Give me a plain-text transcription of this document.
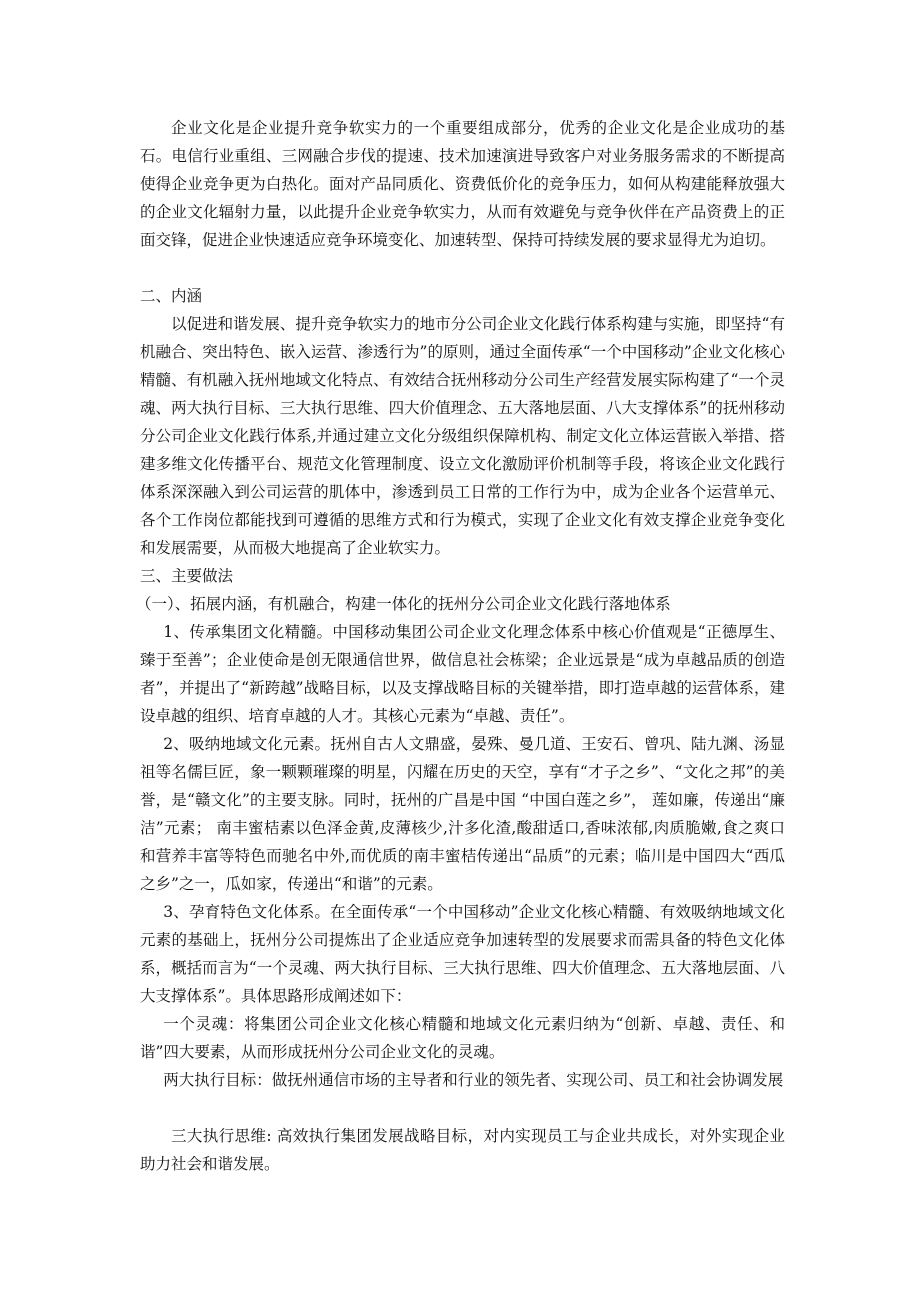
企业文化是企业提升竞争软实力的一个重要组成部分，优秀的企业文化是企业成功的基石。电信行业重组、三网融合步伐的提速、技术加速演进导致客户对业务服务需求的不断提高使得企业竞争更为白热化。面对产品同质化、资费低价化的竞争压力，如何从构建能释放强大的企业文化辐射力量，以此提升企业竞争软实力，从而有效避免与竞争伙伴在产品资费上的正面交锋，促进企业快速适应竞争环境变化、加速转型、保持可持续发展的要求显得尤为迫切。

二、内涵

以促进和谐发展、提升竞争软实力的地市分公司企业文化践行体系构建与实施，即坚持“有机融合、突出特色、嵌入运营、渗透行为”的原则，通过全面传承“一个中国移动”企业文化核心精髓、有机融入抚州地域文化特点、有效结合抚州移动分公司生产经营发展实际构建了“一个灵魂、两大执行目标、三大执行思维、四大价值理念、五大落地层面、八大支撑体系”的抚州移动分公司企业文化践行体系,并通过建立文化分级组织保障机构、制定文化立体运营嵌入举措、搭建多维文化传播平台、规范文化管理制度、设立文化激励评价机制等手段，将该企业文化践行体系深深融入到公司运营的肌体中，渗透到员工日常的工作行为中，成为企业各个运营单元、各个工作岗位都能找到可遵循的思维方式和行为模式，实现了企业文化有效支撑企业竞争变化和发展需要，从而极大地提高了企业软实力。

三、主要做法

（一）、拓展内涵，有机融合，构建一体化的抚州分公司企业文化践行落地体系

1、传承集团文化精髓。中国移动集团公司企业文化理念体系中核心价值观是“正德厚生、臻于至善”；企业使命是创无限通信世界，做信息社会栋梁；企业远景是“成为卓越品质的创造者”，并提出了“新跨越”战略目标，以及支撑战略目标的关键举措，即打造卓越的运营体系，建设卓越的组织、培育卓越的人才。其核心元素为“卓越、责任”。

2、吸纳地域文化元素。抚州自古人文鼎盛，晏殊、曼几道、王安石、曾巩、陆九渊、汤显祖等名儒巨匠，象一颗颗璀璨的明星，闪耀在历史的天空，享有“才子之乡”、“文化之邦”的美誉，是“赣文化”的主要支脉。同时，抚州的广昌是中国 “中国白莲之乡”， 莲如廉，传递出“廉洁”元素； 南丰蜜桔素以色泽金黄,皮薄核少,汁多化渣,酸甜适口,香味浓郁,肉质脆嫩,食之爽口和营养丰富等特色而驰名中外,而优质的南丰蜜桔传递出“品质”的元素；临川是中国四大“西瓜之乡”之一，瓜如家，传递出“和谐”的元素。

3、孕育特色文化体系。在全面传承“一个中国移动”企业文化核心精髓、有效吸纳地域文化元素的基础上，抚州分公司提炼出了企业适应竞争加速转型的发展要求而需具备的特色文化体系，概括而言为“一个灵魂、两大执行目标、三大执行思维、四大价值理念、五大落地层面、八大支撑体系”。具体思路形成阐述如下：

一个灵魂：将集团公司企业文化核心精髓和地域文化元素归纳为“创新、卓越、责任、和谐”四大要素，从而形成抚州分公司企业文化的灵魂。

两大执行目标：做抚州通信市场的主导者和行业的领先者、实现公司、员工和社会协调发展

三大执行思维: 高效执行集团发展战略目标，对内实现员工与企业共成长，对外实现企业助力社会和谐发展。
